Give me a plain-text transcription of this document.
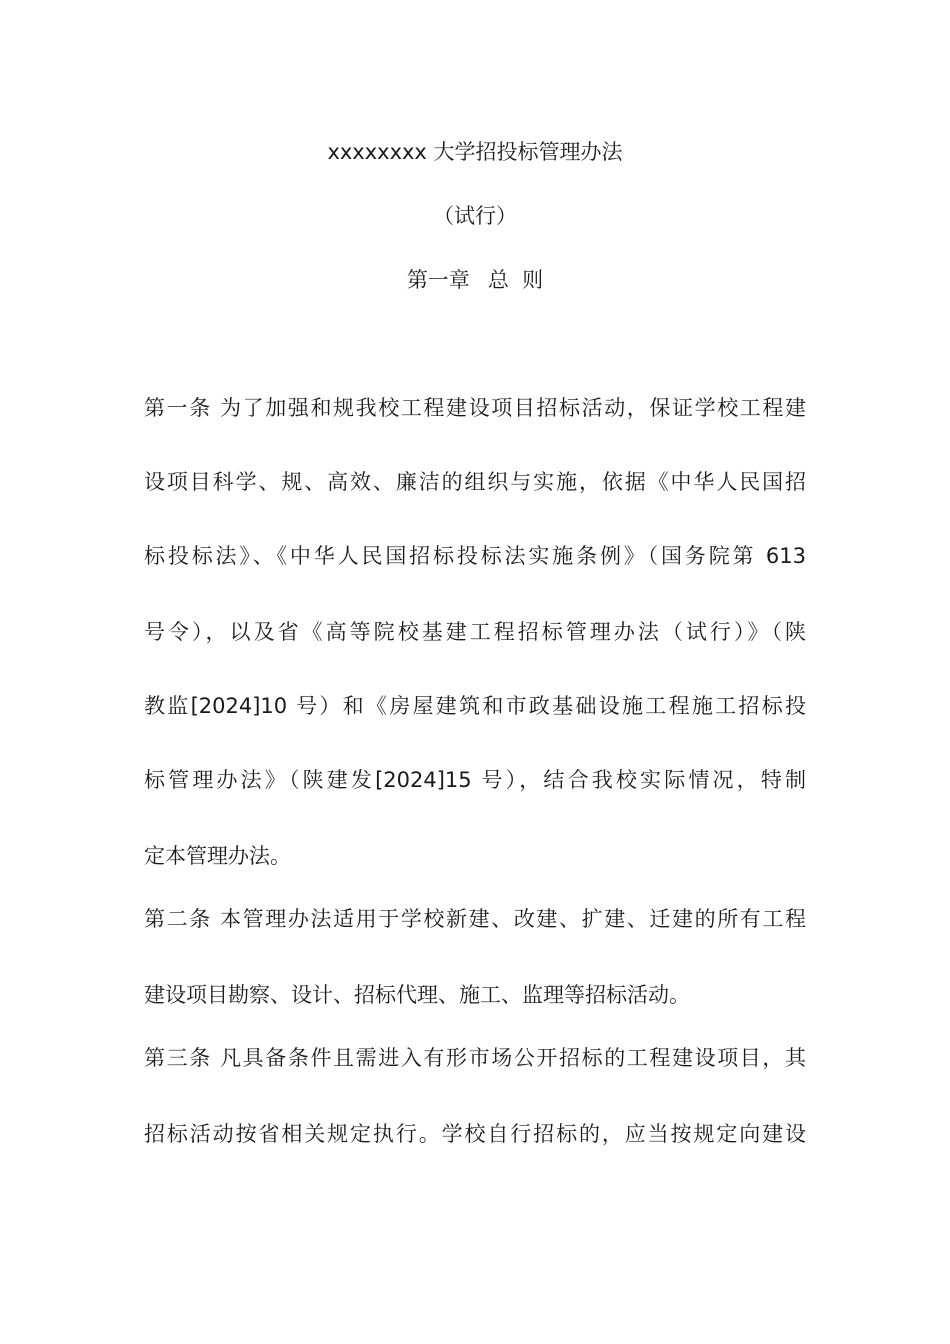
xxxxxxxx 大学招投标管理办法
（试行）
第一章 总  则
第一条 为了加强和规我校工程建设项目招标活动，保证学校工程建
设项目科学、规、高效、廉洁的组织与实施，依据《中华人民国招
标投标法》、《中华人民国招标投标法实施条例》（国务院第 613
号令），以及省《高等院校基建工程招标管理办法（试行）》（陕
教监[2024]10 号）和《房屋建筑和市政基础设施工程施工招标投
标管理办法》（陕建发[2024]15 号），结合我校实际情况，特制
定本管理办法。
第二条 本管理办法适用于学校新建、改建、扩建、迁建的所有工程
建设项目勘察、设计、招标代理、施工、监理等招标活动。
第三条 凡具备条件且需进入有形市场公开招标的工程建设项目，其
招标活动按省相关规定执行。学校自行招标的，应当按规定向建设
